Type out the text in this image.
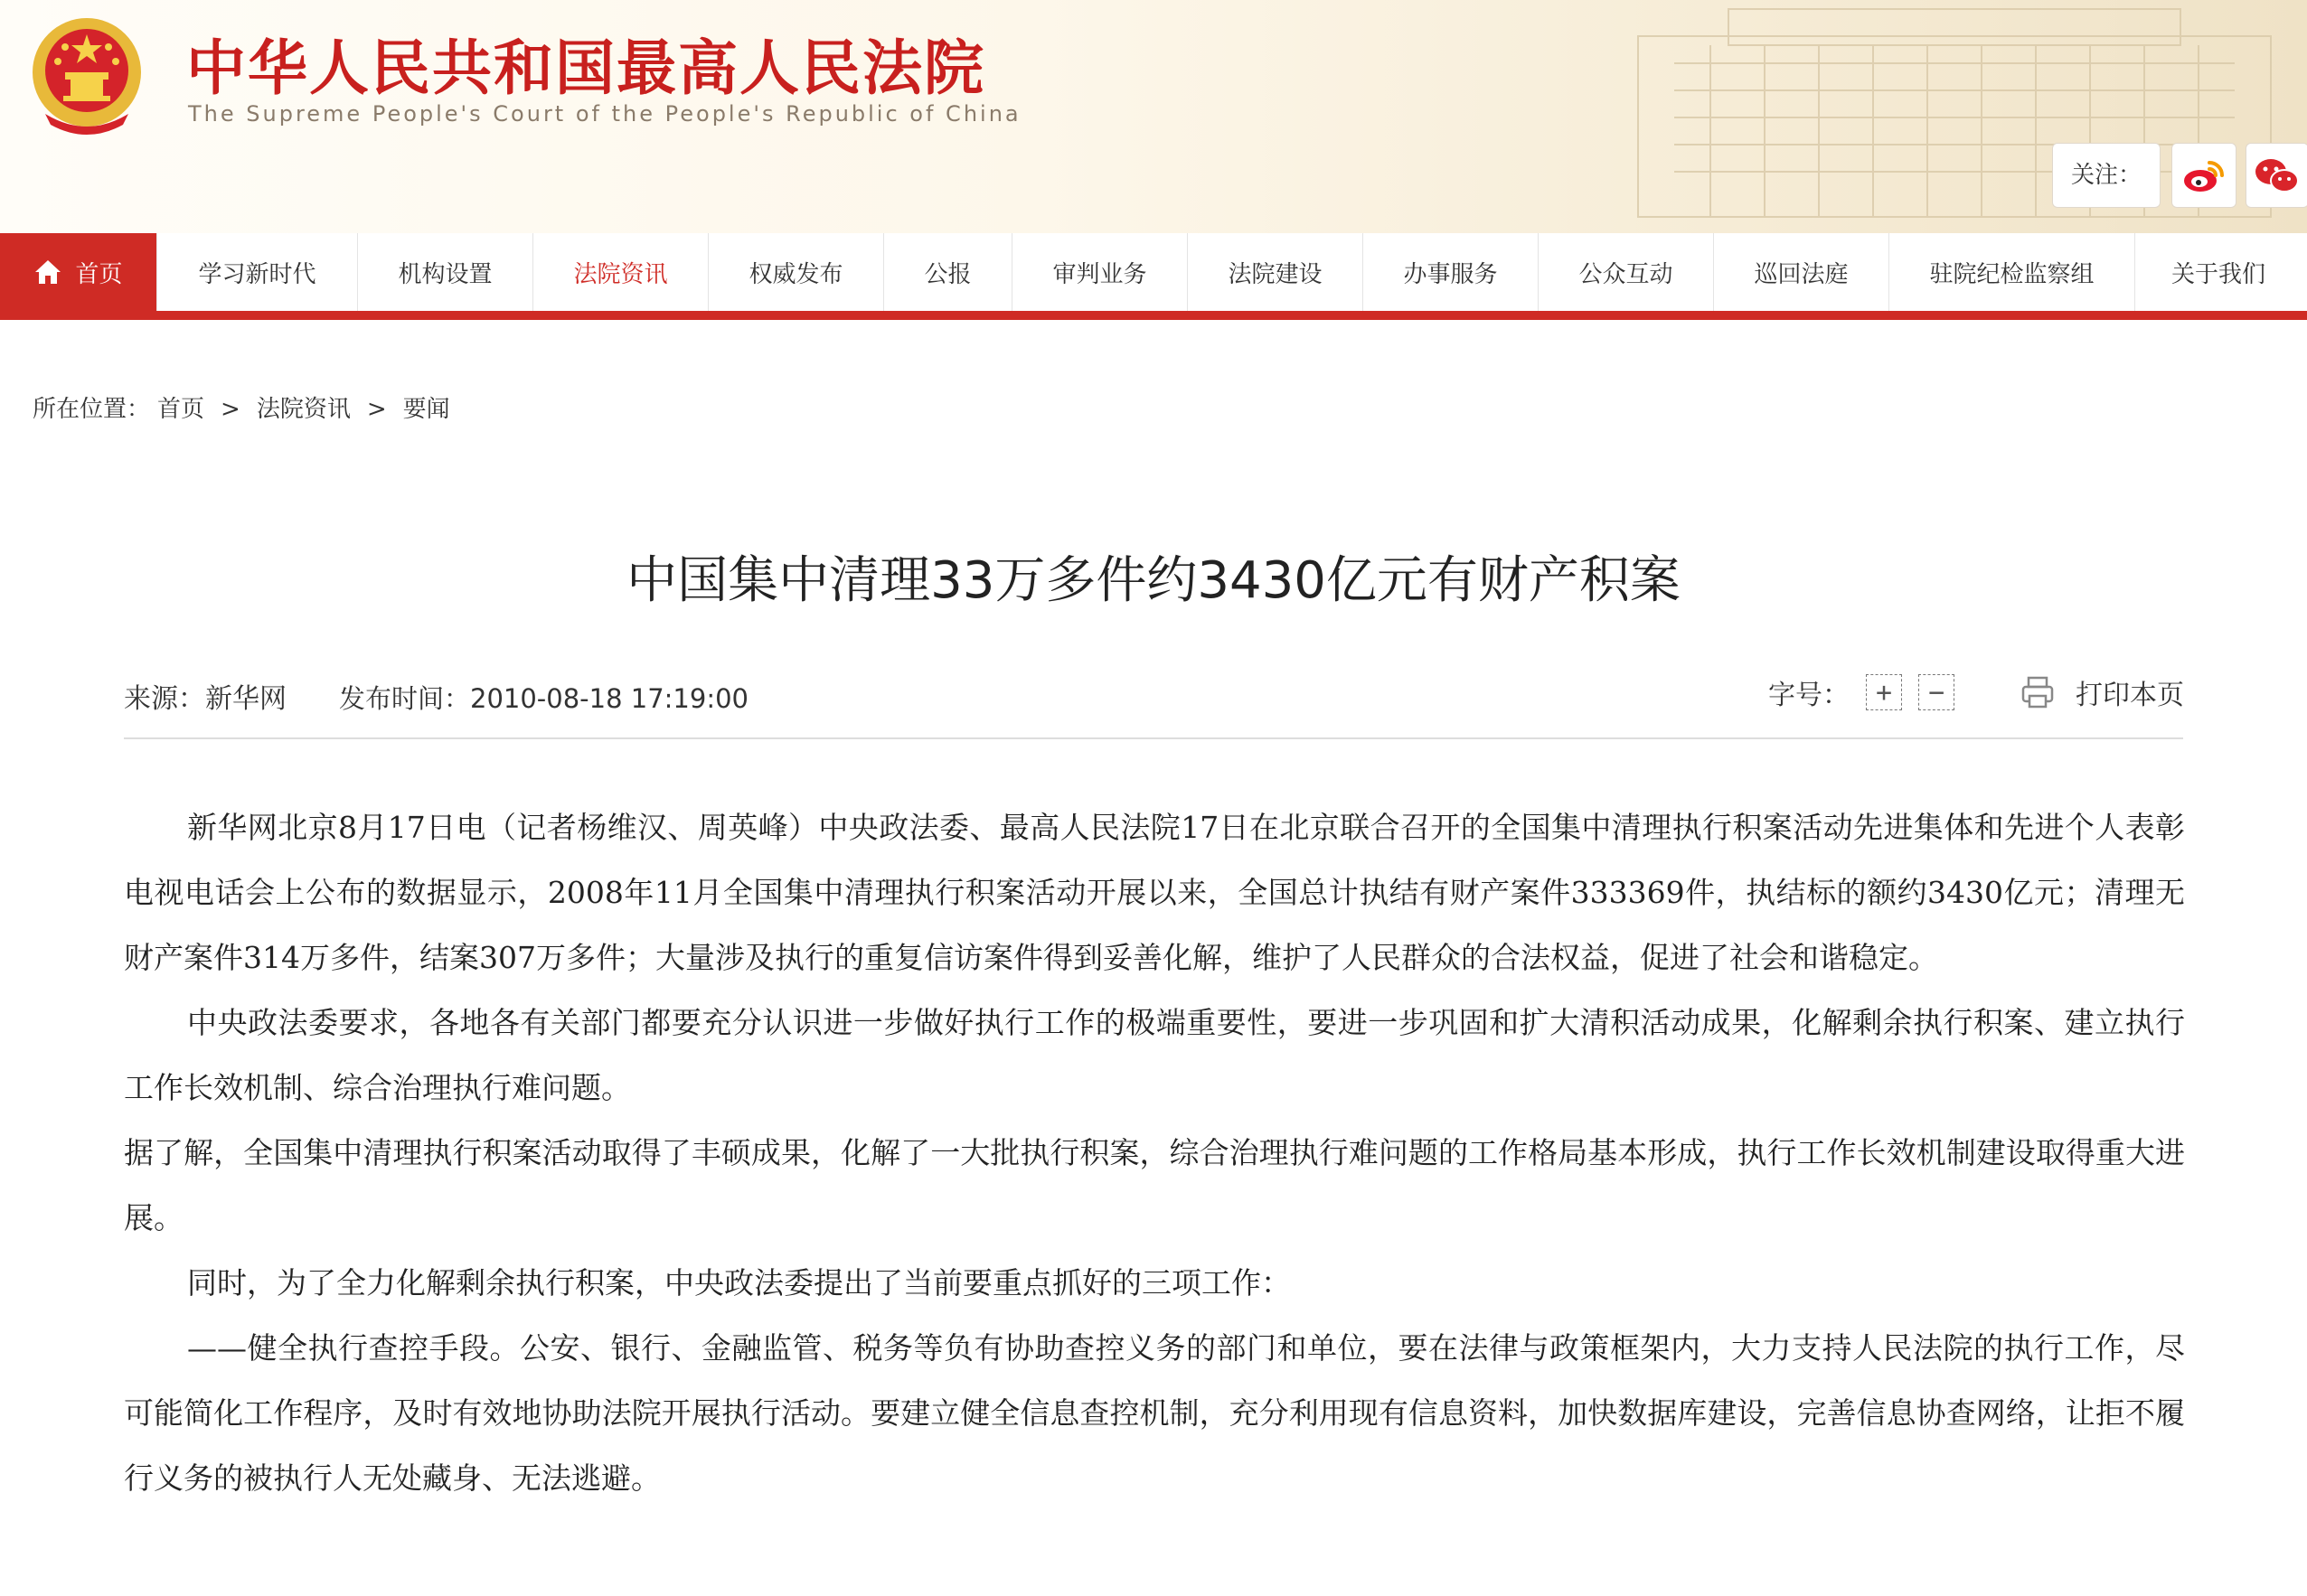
中华人民共和国最高人民法院
The Supreme People's Court of the People's Republic of China
关注：
首页	学习新时代	机构设置	法院资讯	权威发布	公报	审判业务	法院建设	办事服务	公众互动	巡回法庭	驻院纪检监察组	关于我们
所在位置： 首页 > 法院资讯 > 要闻
中国集中清理33万多件约3430亿元有财产积案
来源：新华网 发布时间：2010-08-18 17:19:00	字号： +	−	打印本页

新华网北京8月17日电（记者杨维汉、周英峰）中央政法委、最高人民法院17日在北京联合召开的全国集中清理执行积案活动先进集体和先进个人表彰电视电话会上公布的数据显示，2008年11月全国集中清理执行积案活动开展以来，全国总计执结有财产案件333369件，执结标的额约3430亿元；清理无财产案件314万多件，结案307万多件；大量涉及执行的重复信访案件得到妥善化解，维护了人民群众的合法权益，促进了社会和谐稳定。

中央政法委要求，各地各有关部门都要充分认识进一步做好执行工作的极端重要性，要进一步巩固和扩大清积活动成果，化解剩余执行积案、建立执行工作长效机制、综合治理执行难问题。

据了解，全国集中清理执行积案活动取得了丰硕成果，化解了一大批执行积案，综合治理执行难问题的工作格局基本形成，执行工作长效机制建设取得重大进展。

同时，为了全力化解剩余执行积案，中央政法委提出了当前要重点抓好的三项工作：

——健全执行查控手段。公安、银行、金融监管、税务等负有协助查控义务的部门和单位，要在法律与政策框架内，大力支持人民法院的执行工作，尽可能简化工作程序，及时有效地协助法院开展执行活动。要建立健全信息查控机制，充分利用现有信息资料，加快数据库建设，完善信息协查网络，让拒不履行义务的被执行人无处藏身、无法逃避。
